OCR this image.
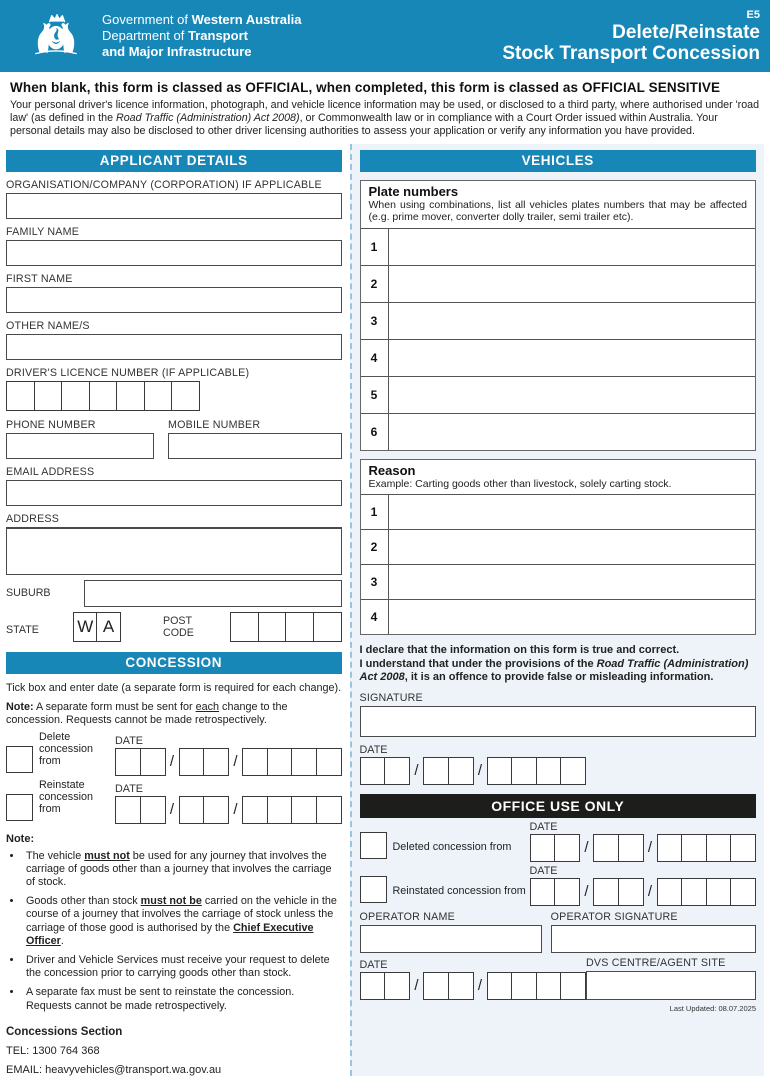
Government of Western Australia
Department of Transport
and Major Infrastructure
E5
Delete/Reinstate
Stock Transport Concession
When blank, this form is classed as OFFICIAL, when completed, this form is classed as OFFICIAL SENSITIVE

Your personal driver's licence information, photograph, and vehicle licence information may be used, or disclosed to a third party, where authorised under 'road law' (as defined in the Road Traffic (Administration) Act 2008), or Commonwealth law or in compliance with a Court Order issued within Australia. Your personal details may also be disclosed to other driver licensing authorities to assess your application or verify any information you have provided.

APPLICANT DETAILS
ORGANISATION/COMPANY (CORPORATION) IF APPLICABLE
FAMILY NAME
FIRST NAME
OTHER NAME/S
DRIVER'S LICENCE NUMBER (IF APPLICABLE)
PHONE NUMBER	MOBILE NUMBER
EMAIL ADDRESS
ADDRESS
SUBURB
STATE	W A	POST CODE
CONCESSION
Tick box and enter date (a separate form is required for each change).
Note: A separate form must be sent for each change to the concession. Requests cannot be made retrospectively.
Delete concession from
DATE
/	/
Reinstate concession from
DATE
/	/
Note:
• The vehicle must not be used for any journey that involves the carriage of goods other than a journey that involves the carriage of stock.
• Goods other than stock must not be carried on the vehicle in the course of a journey that involves the carriage of stock unless the carriage of those good is authorised by the Chief Executive Officer.
• Driver and Vehicle Services must receive your request to delete the concession prior to carrying goods other than stock.
• A separate fax must be sent to reinstate the concession. Requests cannot be made retrospectively.
Concessions Section
TEL: 1300 764 368
EMAIL: heavyvehicles@transport.wa.gov.au
VEHICLES
Plate numbers
When using combinations, list all vehicles plates numbers that may be affected (e.g. prime mover, converter dolly trailer, semi trailer etc).
1
2
3
4
5
6
Reason
Example: Carting goods other than livestock, solely carting stock.
1
2
3
4
I declare that the information on this form is true and correct.
I understand that under the provisions of the Road Traffic (Administration) Act 2008, it is an offence to provide false or misleading information.
SIGNATURE
DATE
/	/
OFFICE USE ONLY
Deleted concession from
DATE
/	/
Reinstated concession from
DATE
/	/
OPERATOR NAME	OPERATOR SIGNATURE
DATE
/	/
DVS CENTRE/AGENT SITE
Last Updated: 08.07.2025
